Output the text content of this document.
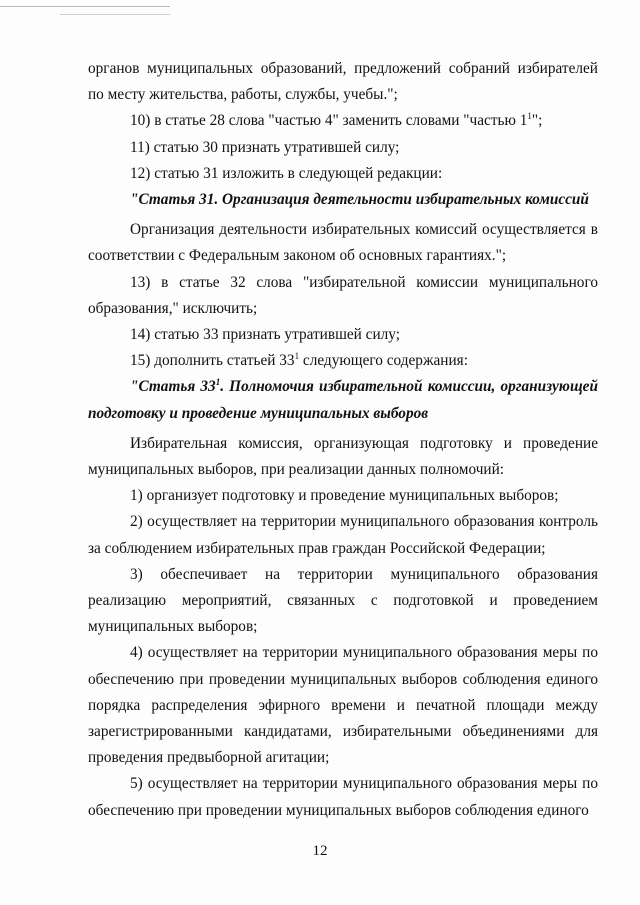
органов муниципальных образований, предложений собраний избирателей по месту жительства, работы, службы, учебы.";

10) в статье 28 слова "частью 4" заменить словами "частью $1^1$";

11) статью 30 признать утратившей силу;

12) статью 31 изложить в следующей редакции:

"Статья 31. Организация деятельности избирательных комиссий

Организация деятельности избирательных комиссий осуществляется в соответствии с Федеральным законом об основных гарантиях.";

13) в статье 32 слова "избирательной комиссии муниципального образования," исключить;

14) статью 33 признать утратившей силу;

15) дополнить статьей $33^1$ следующего содержания:

"Статья $33^1$. Полномочия избирательной комиссии, организующей подготовку и проведение муниципальных выборов

Избирательная комиссия, организующая подготовку и проведение муниципальных выборов, при реализации данных полномочий:

1) организует подготовку и проведение муниципальных выборов;

2) осуществляет на территории муниципального образования контроль за соблюдением избирательных прав граждан Российской Федерации;

3) обеспечивает на территории муниципального образования реализацию мероприятий, связанных с подготовкой и проведением муниципальных выборов;

4) осуществляет на территории муниципального образования меры по обеспечению при проведении муниципальных выборов соблюдения единого порядка распределения эфирного времени и печатной площади между зарегистрированными кандидатами, избирательными объединениями для проведения предвыборной агитации;

5) осуществляет на территории муниципального образования меры по обеспечению при проведении муниципальных выборов соблюдения единого

12
